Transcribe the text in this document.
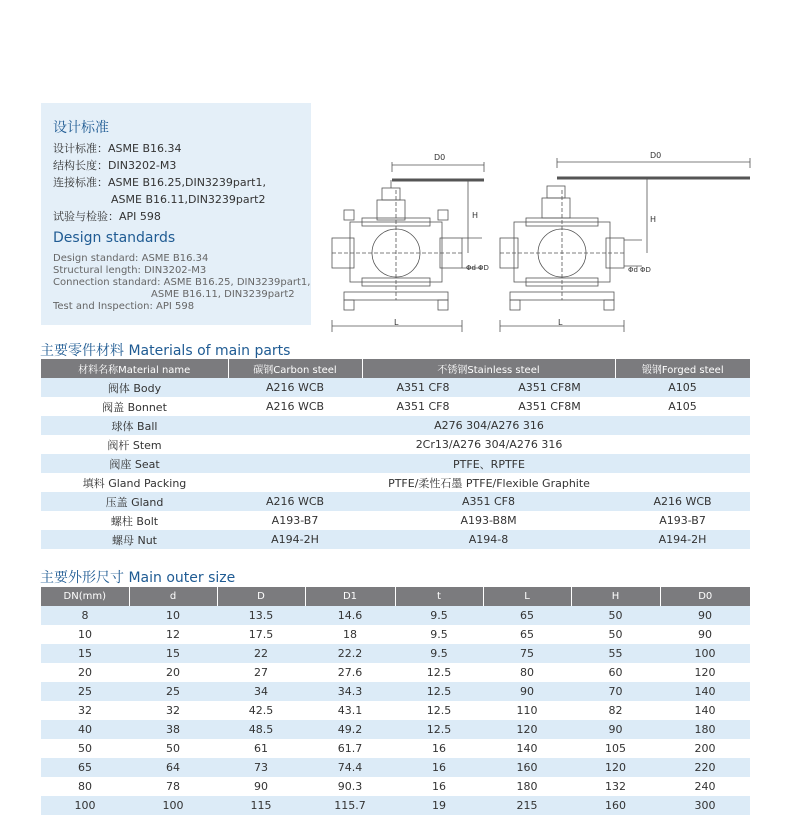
设计标准
设计标准：ASME B16.34
结构长度：DIN3202-M3
连接标准：ASME B16.25,DIN3239part1,
ASME B16.11,DIN3239part2
试验与检验：API 598
Design standards
Design standard: ASME B16.34
Structural length: DIN3202-M3
Connection standard: ASME B16.25, DIN3239part1,
ASME B16.11, DIN3239part2
Test and Inspection: API 598
D0
H
Φd ΦD
L
D0
H
Φd ΦD
L
主要零件材料 Materials of main parts
材料名称Material name	碳钢Carbon steel	不锈钢Stainless steel		锻钢Forged steel
阀体 Body	A216 WCB	A351 CF8	A351 CF8M	A105
阀盖 Bonnet	A216 WCB	A351 CF8	A351 CF8M	A105
球体 Ball	A276 304/A276 316			
阀杆 Stem	2Cr13/A276 304/A276 316			
阀座 Seat	PTFE、RPTFE			
填料 Gland Packing	PTFE/柔性石墨 PTFE/Flexible Graphite			
压盖 Gland	A216 WCB	A351 CF8		A216 WCB
螺柱 Bolt	A193-B7	A193-B8M		A193-B7
螺母 Nut	A194-2H	A194-8		A194-2H
主要外形尺寸 Main outer size
DN(mm)	d	D	D1	t	L	H	D0
8	10	13.5	14.6	9.5	65	50	90
10	12	17.5	18	9.5	65	50	90
15	15	22	22.2	9.5	75	55	100
20	20	27	27.6	12.5	80	60	120
25	25	34	34.3	12.5	90	70	140
32	32	42.5	43.1	12.5	110	82	140
40	38	48.5	49.2	12.5	120	90	180
50	50	61	61.7	16	140	105	200
65	64	73	74.4	16	160	120	220
80	78	90	90.3	16	180	132	240
100	100	115	115.7	19	215	160	300
